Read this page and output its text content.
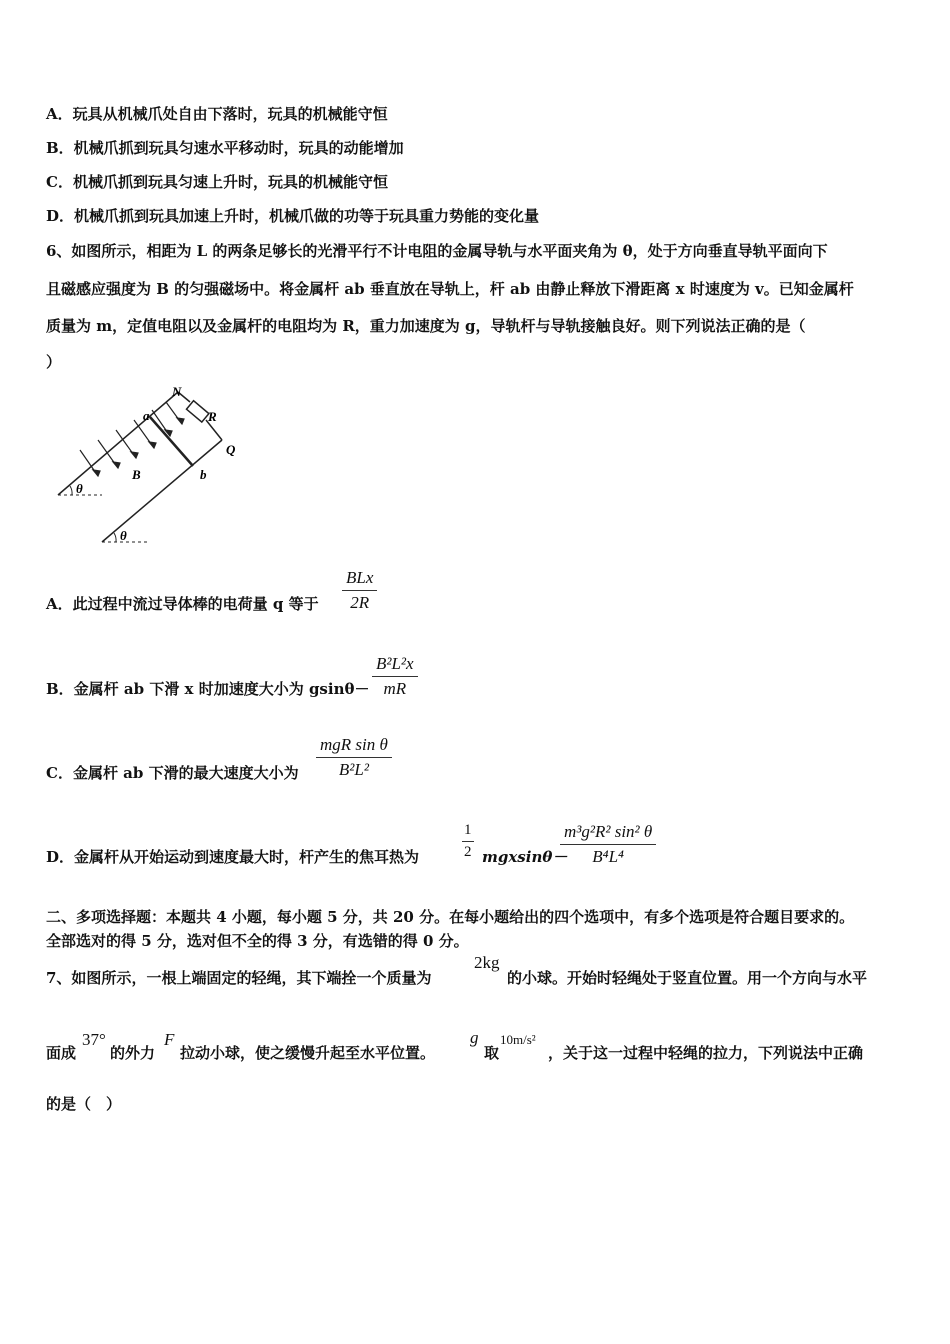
A．玩具从机械爪处自由下落时，玩具的机械能守恒
B．机械爪抓到玩具匀速水平移动时，玩具的动能增加
C．机械爪抓到玩具匀速上升时，玩具的机械能守恒
D．机械爪抓到玩具加速上升时，机械爪做的功等于玩具重力势能的变化量
6、如图所示，相距为 L 的两条足够长的光滑平行不计电阻的金属导轨与水平面夹角为 θ，处于方向垂直导轨平面向下
且磁感应强度为 B 的匀强磁场中。将金属杆 ab 垂直放在导轨上，杆 ab 由静止释放下滑距离 x 时速度为 v。已知金属杆
质量为 m，定值电阻以及金属杆的电阻均为 R，重力加速度为 g，导轨杆与导轨接触良好。则下列说法正确的是（
）
N
R
a
Q
B	b
θ
θ
A．此过程中流过导体棒的电荷量 q 等于
BLx
2R
B．金属杆 ab 下滑 x 时加速度大小为 gsinθ－
B²L²x
mR
C．金属杆 ab 下滑的最大速度大小为
mgR sin θ
B²L²
D．金属杆从开始运动到速度最大时，杆产生的焦耳热为
1
2 mgxsinθ－
m³g²R² sin² θ
B⁴L⁴
二、多项选择题：本题共 4 小题，每小题 5 分，共 20 分。在每小题给出的四个选项中，有多个选项是符合题目要求的。
全部选对的得 5 分，选对但不全的得 3 分，有选错的得 0 分。
7、如图所示，一根上端固定的轻绳，其下端拴一个质量为
2kg
的小球。开始时轻绳处于竖直位置。用一个方向与水平
面成
37°
的外力
F
拉动小球，使之缓慢升起至水平位置。
g
取
10m/s²
，关于这一过程中轻绳的拉力，下列说法中正确
的是（　）
